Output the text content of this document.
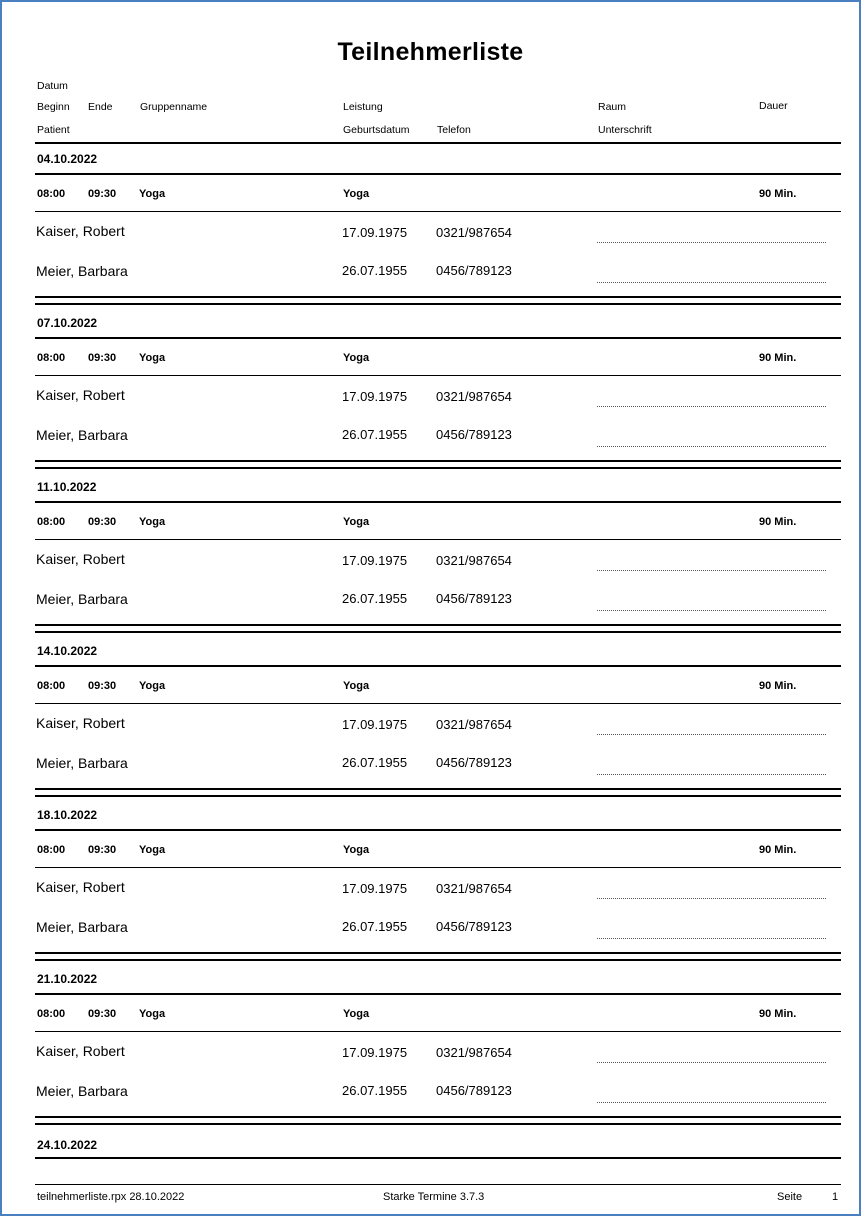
Teilnehmerliste
Datum
Beginn Ende	Gruppenname	Leistung	Raum	Dauer
Patient	Geburtsdatum	Telefon	Unterschrift
04.10.2022
08:00 09:30 Yoga	Yoga	90 Min.
Kaiser, Robert	17.09.1975 0321/987654
Meier, Barbara	26.07.1955 0456/789123
07.10.2022
08:00 09:30 Yoga	Yoga	90 Min.
Kaiser, Robert	17.09.1975 0321/987654
Meier, Barbara	26.07.1955 0456/789123
11.10.2022
08:00 09:30 Yoga	Yoga	90 Min.
Kaiser, Robert	17.09.1975 0321/987654
Meier, Barbara	26.07.1955 0456/789123
14.10.2022
08:00 09:30 Yoga	Yoga	90 Min.
Kaiser, Robert	17.09.1975 0321/987654
Meier, Barbara	26.07.1955 0456/789123
18.10.2022
08:00 09:30 Yoga	Yoga	90 Min.
Kaiser, Robert	17.09.1975 0321/987654
Meier, Barbara	26.07.1955 0456/789123
21.10.2022
08:00 09:30 Yoga	Yoga	90 Min.
Kaiser, Robert	17.09.1975 0321/987654
Meier, Barbara	26.07.1955 0456/789123
24.10.2022
teilnehmerliste.rpx 28.10.2022	Starke Termine 3.7.3	Seite	1
